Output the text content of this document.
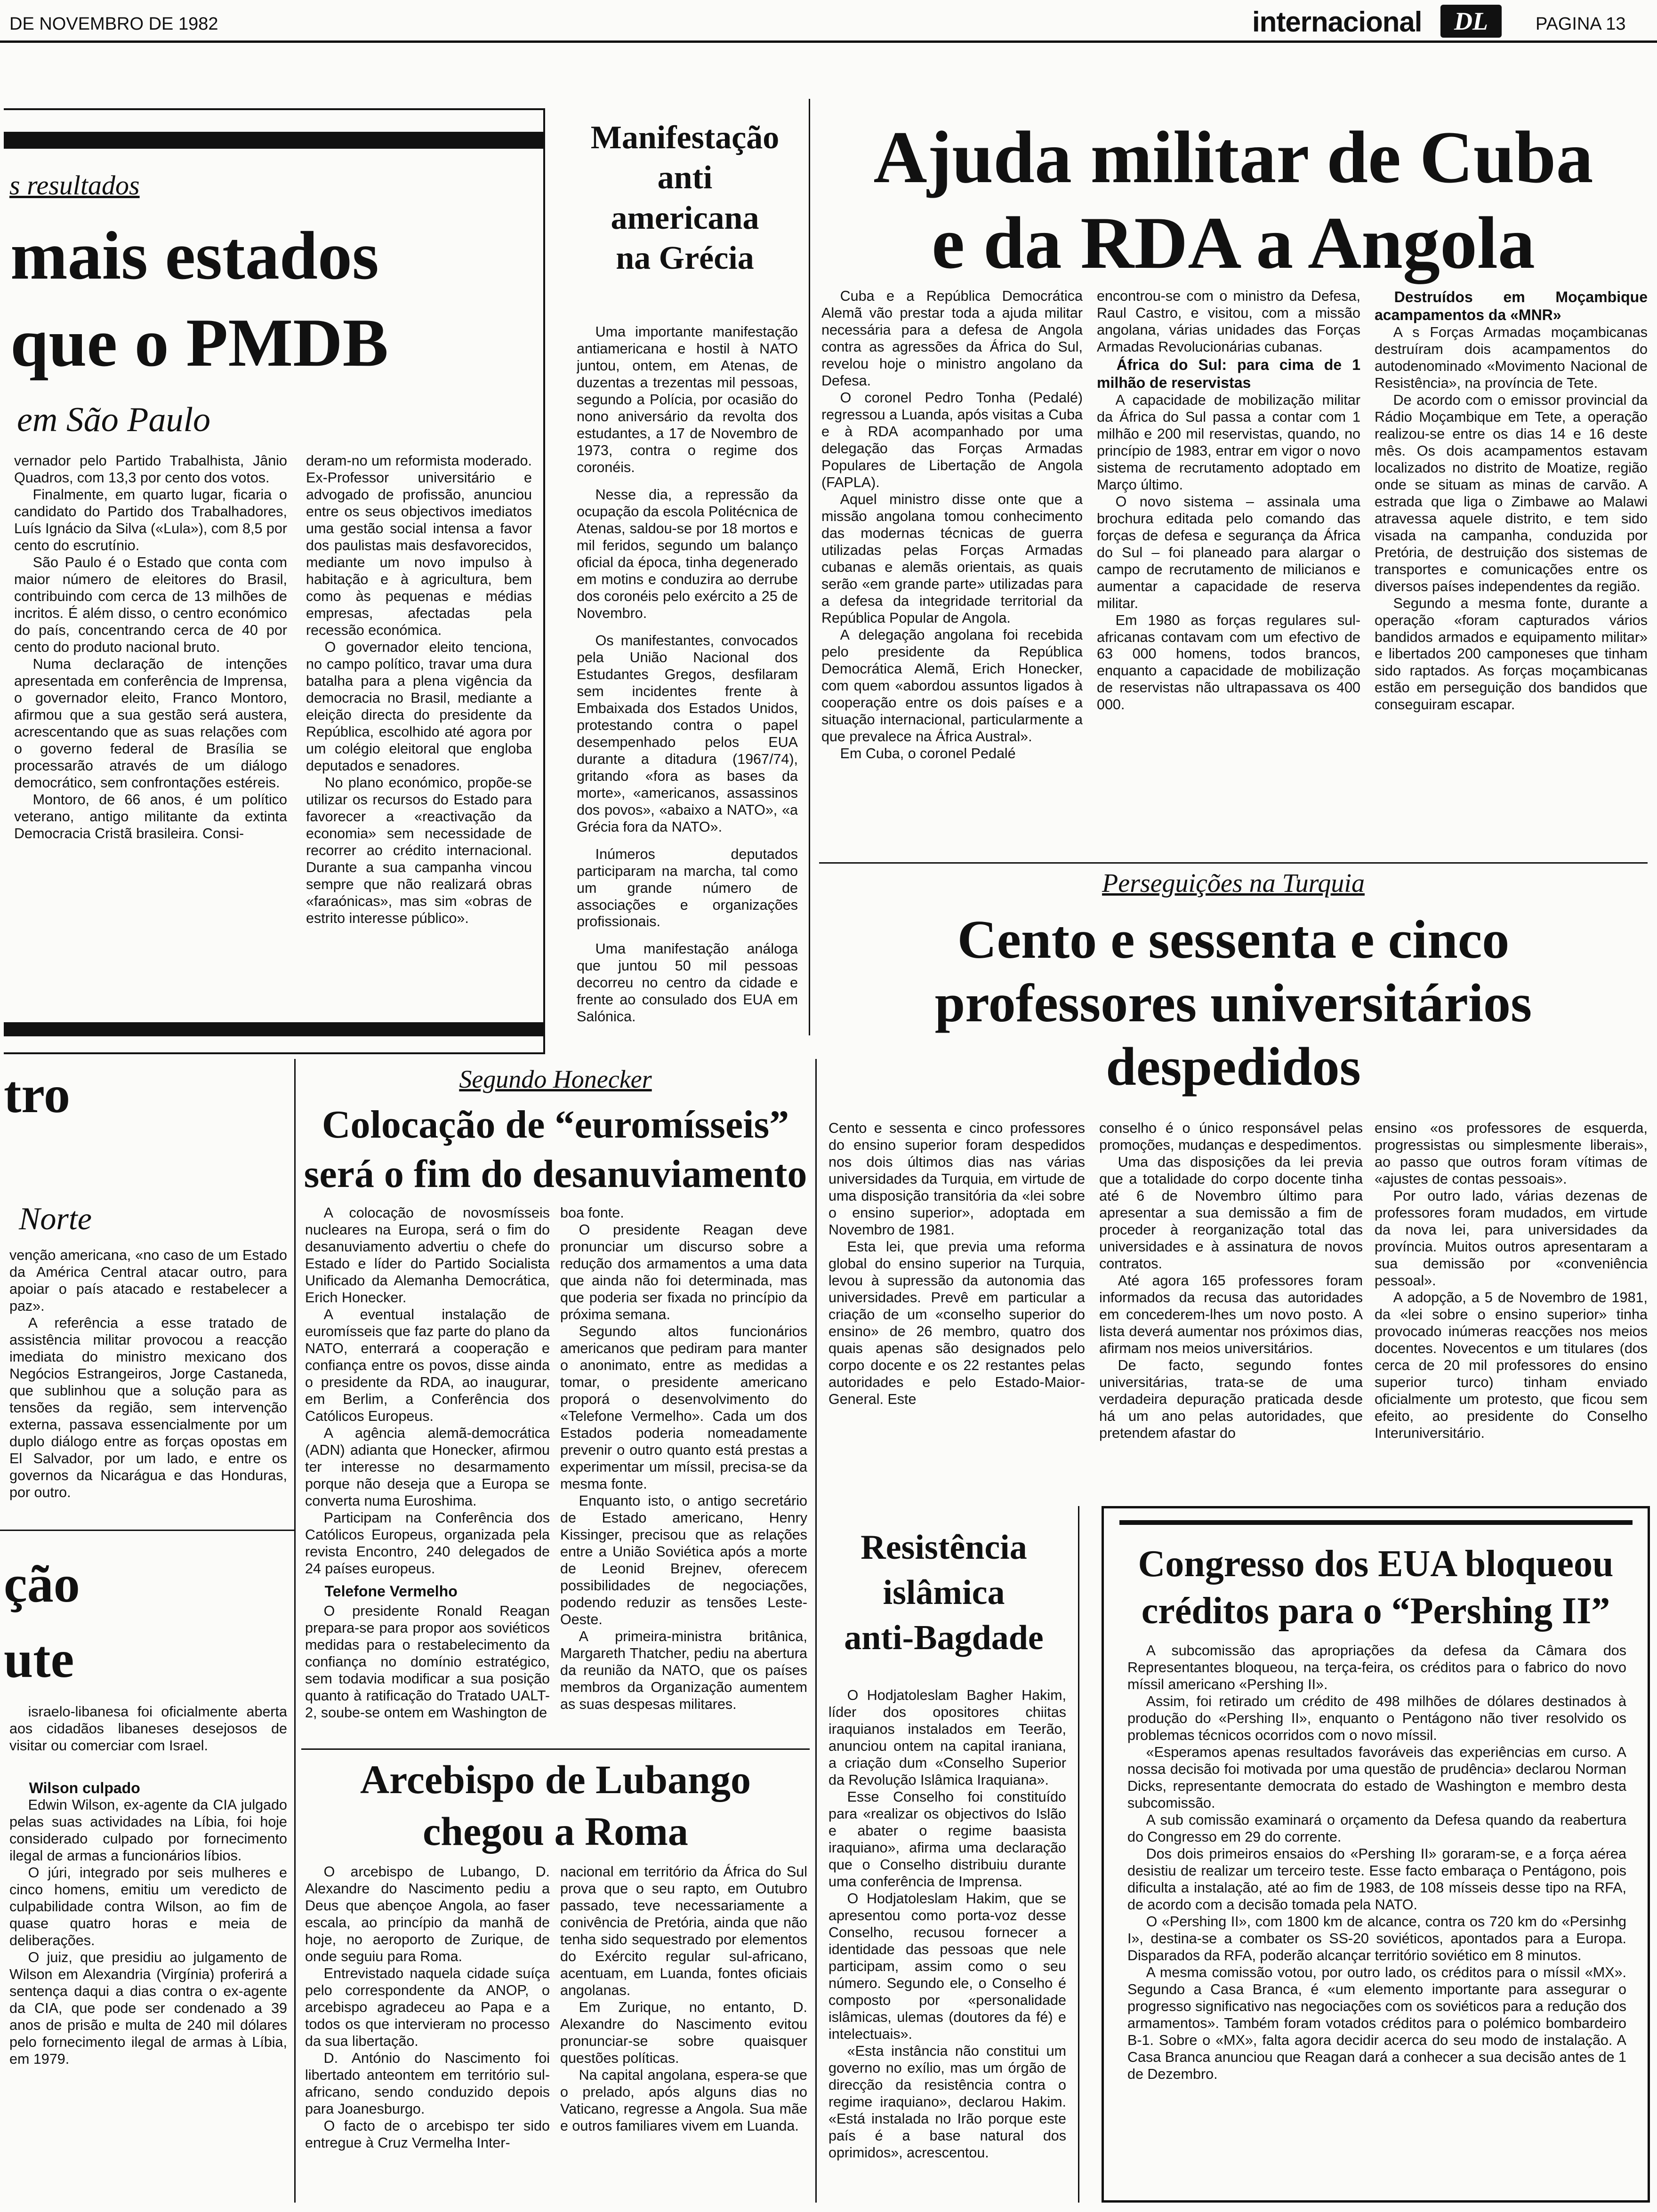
DE NOVEMBRO DE 1982	internacional	DL	PAGINA 13
s resultados
mais estados
que o PMDB
em São Paulo

vernador pelo Partido Trabalhista, Jânio Quadros, com 13,3 por cento dos votos.

Finalmente, em quarto lugar, ficaria o candidato do Partido dos Trabalhadores, Luís Ignácio da Silva («Lula»), com 8,5 por cento do escrutínio.

São Paulo é o Estado que conta com maior número de eleitores do Brasil, contribuindo com cerca de 13 milhões de incritos. É além disso, o centro económico do país, concentrando cerca de 40 por cento do produto nacional bruto.

Numa declaração de intenções apresentada em conferência de Imprensa, o governador eleito, Franco Montoro, afirmou que a sua gestão será austera, acrescentando que as suas relações com o governo federal de Brasília se processarão através de um diálogo democrático, sem confrontações estéreis.

Montoro, de 66 anos, é um político veterano, antigo militante da extinta Democracia Cristã brasileira. Consi-

deram-no um reformista moderado. Ex-Professor universitário e advogado de profissão, anunciou entre os seus objectivos imediatos uma gestão social intensa a favor dos paulistas mais desfavorecidos, mediante um novo impulso à habitação e à agricultura, bem como às pequenas e médias empresas, afectadas pela recessão económica.

O governador eleito tenciona, no campo político, travar uma dura batalha para a plena vigência da democracia no Brasil, mediante a eleição directa do presidente da República, escolhido até agora por um colégio eleitoral que engloba deputados e senadores.

No plano económico, propõe-se utilizar os recursos do Estado para favorecer a «reactivação da economia» sem necessidade de recorrer ao crédito internacional. Durante a sua campanha vincou sempre que não realizará obras «faraónicas», mas sim «obras de estrito interesse público».

Manifestação
anti
americana
na Grécia

Uma importante manifestação antiamericana e hostil à NATO juntou, ontem, em Atenas, de duzentas a trezentas mil pessoas, segundo a Polícia, por ocasião do nono aniversário da revolta dos estudantes, a 17 de Novembro de 1973, contra o regime dos coronéis.

Nesse dia, a repressão da ocupação da escola Politécnica de Atenas, saldou-se por 18 mortos e mil feridos, segundo um balanço oficial da época, tinha degenerado em motins e conduzira ao derrube dos coronéis pelo exército a 25 de Novembro.

Os manifestantes, convocados pela União Nacional dos Estudantes Gregos, desfilaram sem incidentes frente à Embaixada dos Estados Unidos, protestando contra o papel desempenhado pelos EUA durante a ditadura (1967/74), gritando «fora as bases da morte», «americanos, assassinos dos povos», «abaixo a NATO», «a Grécia fora da NATO».

Inúmeros deputados participaram na marcha, tal como um grande número de associações e organizações profissionais.

Uma manifestação análoga que juntou 50 mil pessoas decorreu no centro da cidade e frente ao consulado dos EUA em Salónica.

Ajuda militar de Cuba
e da RDA a Angola

Cuba e a República Democrática Alemã vão prestar toda a ajuda militar necessária para a defesa de Angola contra as agressões da África do Sul, revelou hoje o ministro angolano da Defesa.

O coronel Pedro Tonha (Pedalé) regressou a Luanda, após visitas a Cuba e à RDA acompanhado por uma delegação das Forças Armadas Populares de Libertação de Angola (FAPLA).

Aquel ministro disse onte que a missão angolana tomou conhecimento das modernas técnicas de guerra utilizadas pelas Forças Armadas cubanas e alemãs orientais, as quais serão «em grande parte» utilizadas para a defesa da integridade territorial da República Popular de Angola.

A delegação angolana foi recebida pelo presidente da República Democrática Alemã, Erich Honecker, com quem «abordou assuntos ligados à cooperação entre os dois países e a situação internacional, particularmente a que prevalece na África Austral».

Em Cuba, o coronel Pedalé

encontrou-se com o ministro da Defesa, Raul Castro, e visitou, com a missão angolana, várias unidades das Forças Armadas Revolucionárias cubanas.

África do Sul: para cima de 1 milhão de reservistas

A capacidade de mobilização militar da África do Sul passa a contar com 1 milhão e 200 mil reservistas, quando, no princípio de 1983, entrar em vigor o novo sistema de recrutamento adoptado em Março último.

O novo sistema – assinala uma brochura editada pelo comando das forças de defesa e segurança da África do Sul – foi planeado para alargar o campo de recrutamento de milicianos e aumentar a capacidade de reserva militar.

Em 1980 as forças regulares sul-africanas contavam com um efectivo de 63 000 homens, todos brancos, enquanto a capacidade de mobilização de reservistas não ultrapassava os 400 000.

Destruídos em Moçambique acampamentos da «MNR»

A s Forças Armadas moçambicanas destruíram dois acampamentos do autodenominado «Movimento Nacional de Resistência», na província de Tete.

De acordo com o emissor provincial da Rádio Moçambique em Tete, a operação realizou-se entre os dias 14 e 16 deste mês. Os dois acampamentos estavam localizados no distrito de Moatize, região onde se situam as minas de carvão. A estrada que liga o Zimbawe ao Malawi atravessa aquele distrito, e tem sido visada na campanha, conduzida por Pretória, de destruição dos sistemas de transportes e comunicações entre os diversos países independentes da região.

Segundo a mesma fonte, durante a operação «foram capturados vários bandidos armados e equipamento militar» e libertados 200 camponeses que tinham sido raptados. As forças moçambicanas estão em perseguição dos bandidos que conseguiram escapar.

Perseguições na Turquia
Cento e sessenta e cinco
professores universitários
despedidos

Cento e sessenta e cinco professores do ensino superior foram despedidos nos dois últimos dias nas várias universidades da Turquia, em virtude de uma disposição transitória da «lei sobre o ensino superior», adoptada em Novembro de 1981.

Esta lei, que previa uma reforma global do ensino superior na Turquia, levou à supressão da autonomia das universidades. Prevê em particular a criação de um «conselho superior do ensino» de 26 membro, quatro dos quais apenas são designados pelo corpo docente e os 22 restantes pelas autoridades e pelo Estado-Maior-General. Este

conselho é o único responsável pelas promoções, mudanças e despedimentos.

Uma das disposições da lei previa que a totalidade do corpo docente tinha até 6 de Novembro último para apresentar a sua demissão a fim de proceder à reorganização total das universidades e à assinatura de novos contratos.

Até agora 165 professores foram informados da recusa das autoridades em concederem-lhes um novo posto. A lista deverá aumentar nos próximos dias, afirmam nos meios universitários.

De facto, segundo fontes universitárias, trata-se de uma verdadeira depuração praticada desde há um ano pelas autoridades, que pretendem afastar do

ensino «os professores de esquerda, progressistas ou simplesmente liberais», ao passo que outros foram vítimas de «ajustes de contas pessoais».

Por outro lado, várias dezenas de professores foram mudados, em virtude da nova lei, para universidades da província. Muitos outros apresentaram a sua demissão por «conveniência pessoal».

A adopção, a 5 de Novembro de 1981, da «lei sobre o ensino superior» tinha provocado inúmeras reacções nos meios docentes. Novecentos e um titulares (dos cerca de 20 mil professores do ensino superior turco) tinham enviado oficialmente um protesto, que ficou sem efeito, ao presidente do Conselho Interuniversitário.

tro
Norte

venção americana, «no caso de um Estado da América Central atacar outro, para apoiar o país atacado e restabelecer a paz».

A referência a esse tratado de assistência militar provocou a reacção imediata do ministro mexicano dos Negócios Estrangeiros, Jorge Castaneda, que sublinhou que a solução para as tensões da região, sem intervenção externa, passava essencialmente por um duplo diálogo entre as forças opostas em El Salvador, por um lado, e entre os governos da Nicarágua e das Honduras, por outro.

ção
ute

israelo-libanesa foi oficialmente aberta aos cidadãos libaneses desejosos de visitar ou comerciar com Israel.

Wilson culpado

Edwin Wilson, ex-agente da CIA julgado pelas suas actividades na Líbia, foi hoje considerado culpado por fornecimento ilegal de armas a funcionários líbios.

O júri, integrado por seis mulheres e cinco homens, emitiu um veredicto de culpabilidade contra Wilson, ao fim de quase quatro horas e meia de deliberações.

O juiz, que presidiu ao julgamento de Wilson em Alexandria (Virgínia) proferirá a sentença daqui a dias contra o ex-agente da CIA, que pode ser condenado a 39 anos de prisão e multa de 240 mil dólares pelo fornecimento ilegal de armas à Líbia, em 1979.

Segundo Honecker
Colocação de “euromísseis”
será o fim do desanuviamento

A colocação de novosmísseis nucleares na Europa, será o fim do desanuviamento advertiu o chefe do Estado e líder do Partido Socialista Unificado da Alemanha Democrática, Erich Honecker.

A eventual instalação de euromísseis que faz parte do plano da NATO, enterrará a cooperação e confiança entre os povos, disse ainda o presidente da RDA, ao inaugurar, em Berlim, a Conferência dos Católicos Europeus.

A agência alemã-democrática (ADN) adianta que Honecker, afirmou ter interesse no desarmamento porque não deseja que a Europa se converta numa Euroshima.

Participam na Conferência dos Católicos Europeus, organizada pela revista Encontro, 240 delegados de 24 países europeus.

Telefone Vermelho

O presidente Ronald Reagan prepara-se para propor aos soviéticos medidas para o restabelecimento da confiança no domínio estratégico, sem todavia modificar a sua posição quanto à ratificação do Tratado UALT-2, soube-se ontem em Washington de

boa fonte.

O presidente Reagan deve pronunciar um discurso sobre a redução dos armamentos a uma data que ainda não foi determinada, mas que poderia ser fixada no princípio da próxima semana.

Segundo altos funcionários americanos que pediram para manter o anonimato, entre as medidas a tomar, o presidente americano proporá o desenvolvimento do «Telefone Vermelho». Cada um dos Estados poderia nomeadamente prevenir o outro quanto está prestas a experimentar um míssil, precisa-se da mesma fonte.

Enquanto isto, o antigo secretário de Estado americano, Henry Kissinger, precisou que as relações entre a União Soviética após a morte de Leonid Brejnev, oferecem possibilidades de negociações, podendo reduzir as tensões Leste-Oeste.

A primeira-ministra britânica, Margareth Thatcher, pediu na abertura da reunião da NATO, que os países membros da Organização aumentem as suas despesas militares.

Arcebispo de Lubango
chegou a Roma

O arcebispo de Lubango, D. Alexandre do Nascimento pediu a Deus que abençoe Angola, ao faser escala, ao princípio da manhã de hoje, no aeroporto de Zurique, de onde seguiu para Roma.

Entrevistado naquela cidade suíça pelo correspondente da ANOP, o arcebispo agradeceu ao Papa e a todos os que intervieram no processo da sua libertação.

D. António do Nascimento foi libertado anteontem em território sul-africano, sendo conduzido depois para Joanesburgo.

O facto de o arcebispo ter sido entregue à Cruz Vermelha Inter-

nacional em território da África do Sul prova que o seu rapto, em Outubro passado, teve necessariamente a conivência de Pretória, ainda que não tenha sido sequestrado por elementos do Exército regular sul-africano, acentuam, em Luanda, fontes oficiais angolanas.

Em Zurique, no entanto, D. Alexandre do Nascimento evitou pronunciar-se sobre quaisquer questões políticas.

Na capital angolana, espera-se que o prelado, após alguns dias no Vaticano, regresse a Angola. Sua mãe e outros familiares vivem em Luanda.

Resistência
islâmica
anti-Bagdade

O Hodjatoleslam Bagher Hakim, líder dos opositores chiitas iraquianos instalados em Teerão, anunciou ontem na capital iraniana, a criação dum «Conselho Superior da Revolução Islâmica Iraquiana».

Esse Conselho foi constituído para «realizar os objectivos do Islão e abater o regime baasista iraquiano», afirma uma declaração que o Conselho distribuiu durante uma conferência de Imprensa.

O Hodjatoleslam Hakim, que se apresentou como porta-voz desse Conselho, recusou fornecer a identidade das pessoas que nele participam, assim como o seu número. Segundo ele, o Conselho é composto por «personalidade islâmicas, ulemas (doutores da fé) e intelectuais».

«Esta instância não constitui um governo no exílio, mas um órgão de direcção da resistência contra o regime iraquiano», declarou Hakim. «Está instalada no Irão porque este país é a base natural dos oprimidos», acrescentou.

Congresso dos EUA bloqueou
créditos para o “Pershing II”

A subcomissão das apropriações da defesa da Câmara dos Representantes bloqueou, na terça-feira, os créditos para o fabrico do novo míssil americano «Pershing II».

Assim, foi retirado um crédito de 498 milhões de dólares destinados à produção do «Pershing II», enquanto o Pentágono não tiver resolvido os problemas técnicos ocorridos com o novo míssil.

«Esperamos apenas resultados favoráveis das experiências em curso. A nossa decisão foi motivada por uma questão de prudência» declarou Norman Dicks, representante democrata do estado de Washington e membro desta subcomissão.

A sub comissão examinará o orçamento da Defesa quando da reabertura do Congresso em 29 do corrente.

Dos dois primeiros ensaios do «Pershing II» goraram-se, e a força aérea desistiu de realizar um terceiro teste. Esse facto embaraça o Pentágono, pois dificulta a instalação, até ao fim de 1983, de 108 mísseis desse tipo na RFA, de acordo com a decisão tomada pela NATO.

O «Pershing II», com 1800 km de alcance, contra os 720 km do «Persinhg I», destina-se a combater os SS-20 soviéticos, apontados para a Europa. Disparados da RFA, poderão alcançar território soviético em 8 minutos.

A mesma comissão votou, por outro lado, os créditos para o míssil «MX». Segundo a Casa Branca, é «um elemento importante para assegurar o progresso significativo nas negociações com os soviéticos para a redução dos armamentos». Também foram votados créditos para o polémico bombardeiro B-1. Sobre o «MX», falta agora decidir acerca do seu modo de instalação. A Casa Branca anunciou que Reagan dará a conhecer a sua decisão antes de 1 de Dezembro.
